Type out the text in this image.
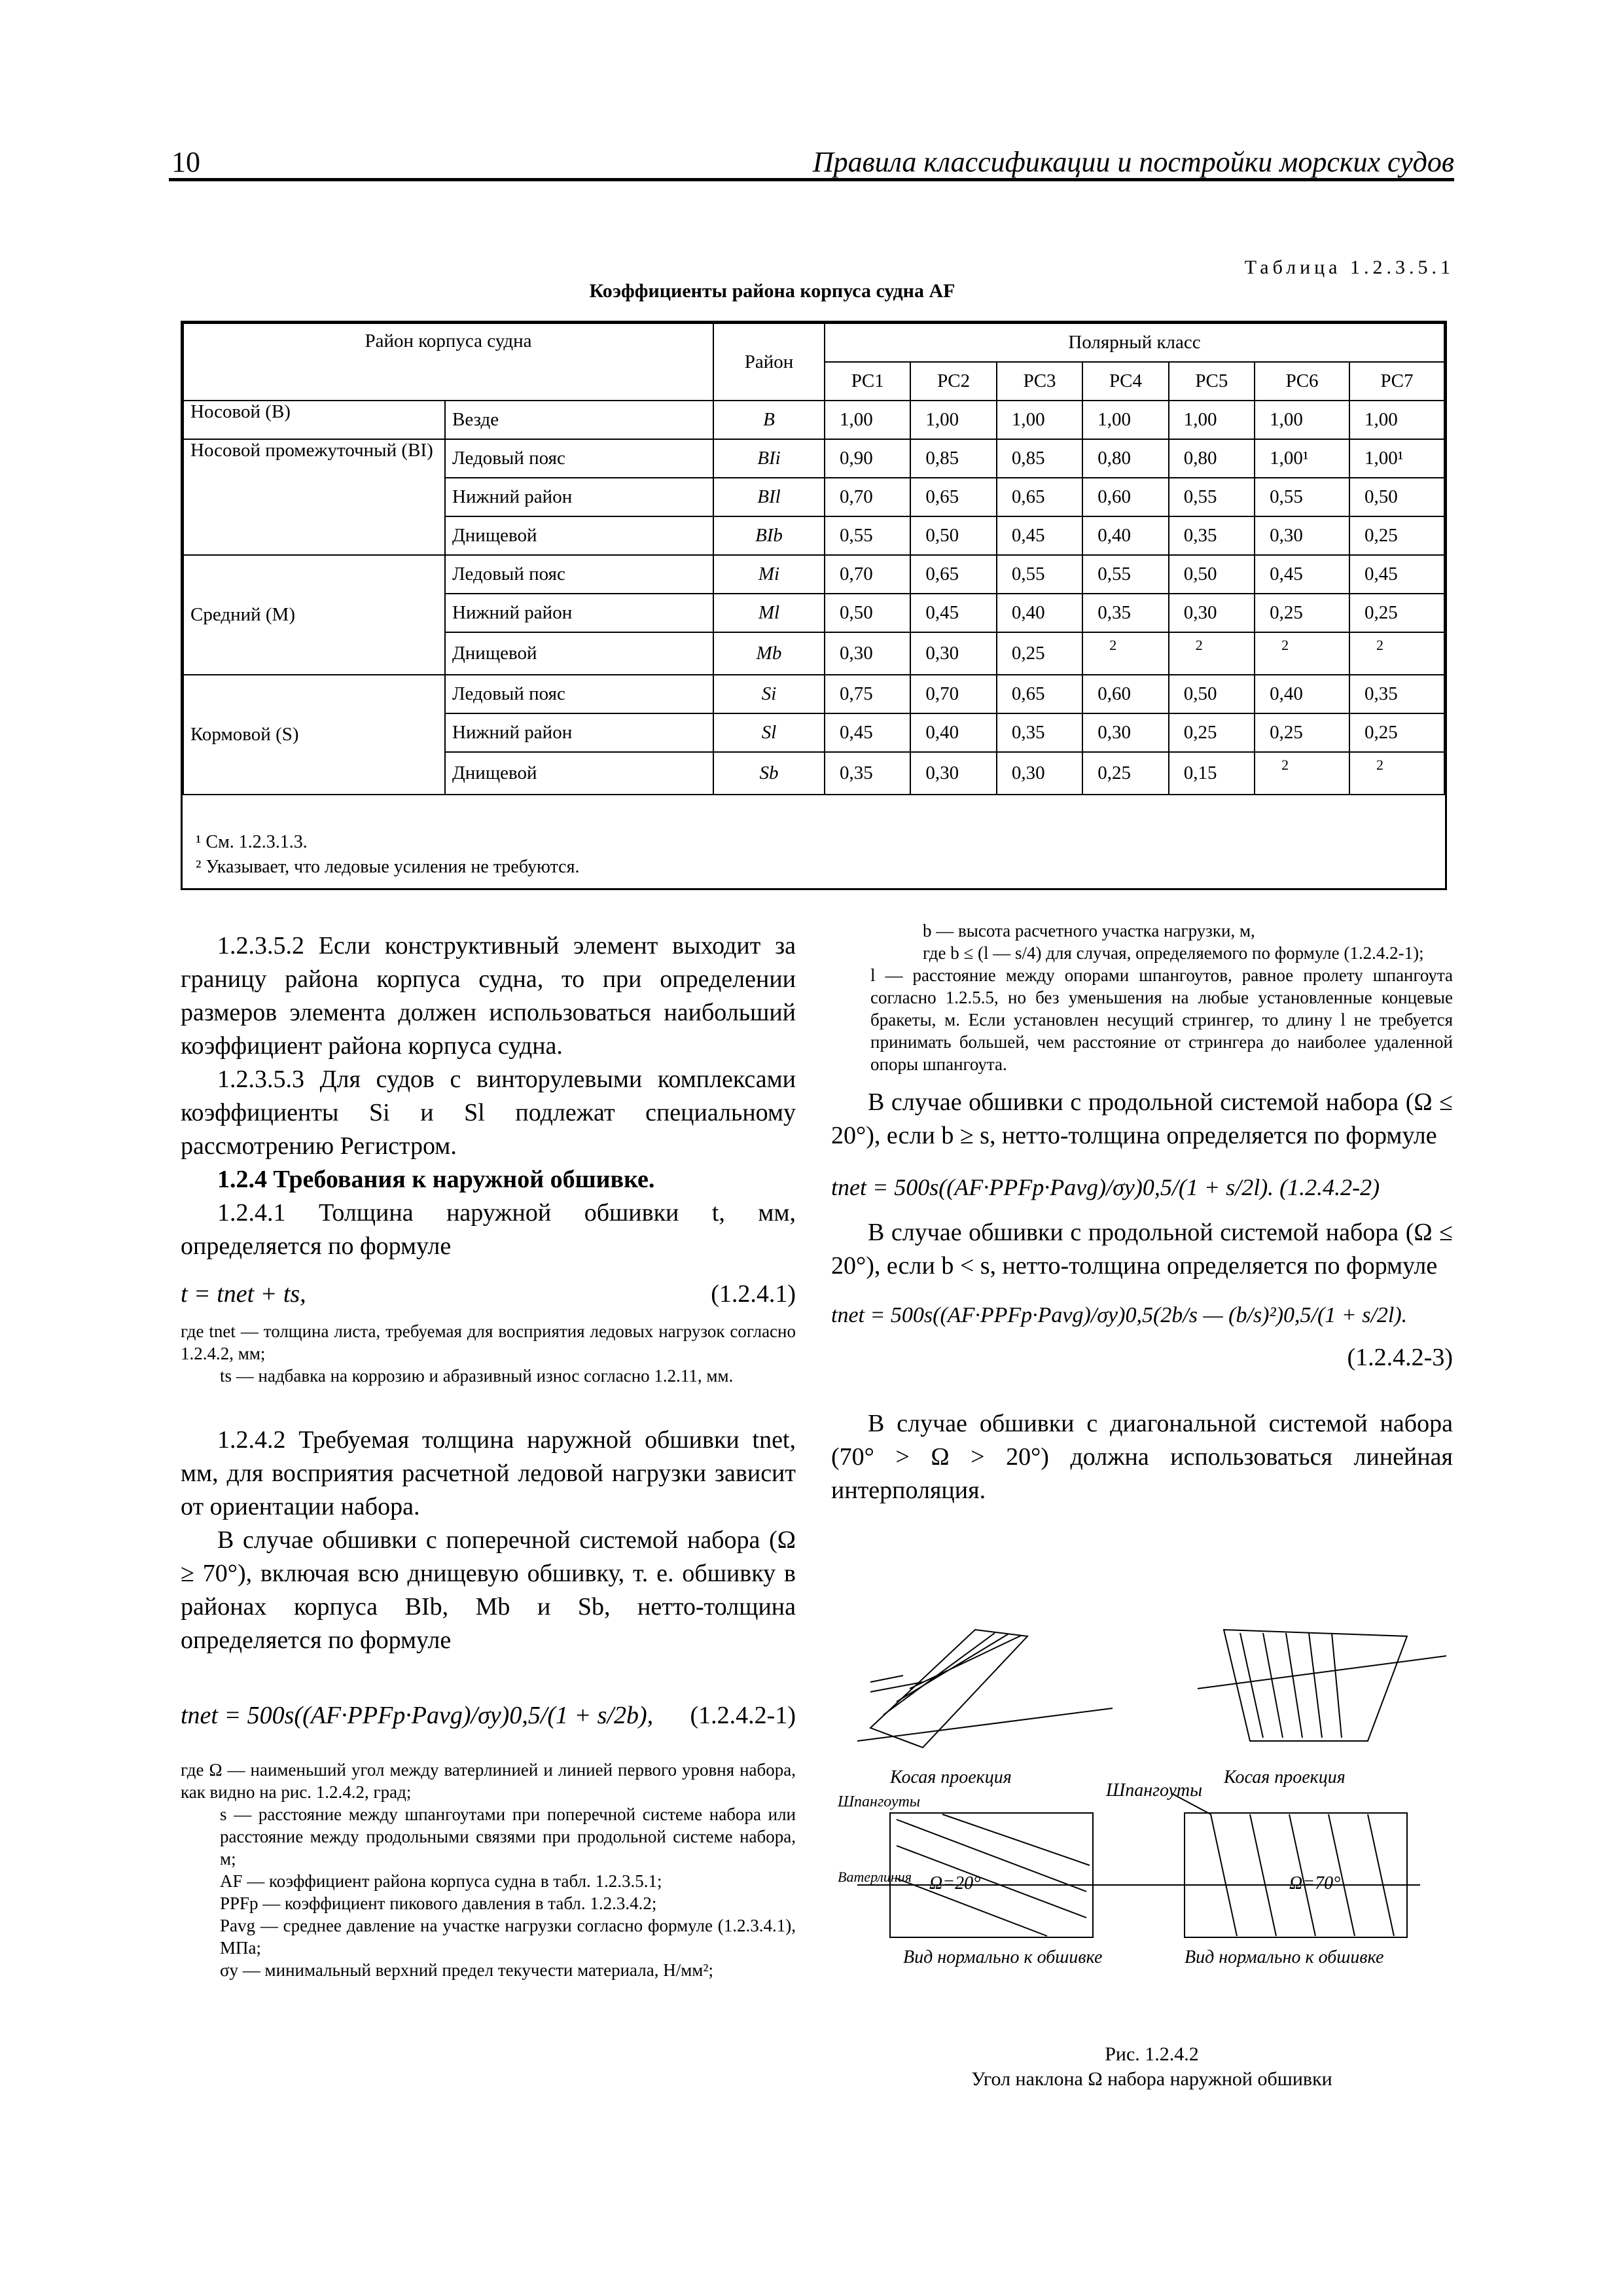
10	Правила классификации и постройки морских судов
Таблица 1.2.3.5.1
Коэффициенты района корпуса судна AF
Район корпуса судна		Район	Полярный класс						
			PC1	PC2	PC3	PC4	PC5	PC6	PC7
Носовой (B)	Везде	B	1,00	1,00	1,00	1,00	1,00	1,00	1,00
Носовой промежуточный (BI)	Ледовый пояс	BIi	0,90	0,85	0,85	0,80	0,80	1,00¹	1,00¹
	Нижний район	BIl	0,70	0,65	0,65	0,60	0,55	0,55	0,50
	Днищевой	BIb	0,55	0,50	0,45	0,40	0,35	0,30	0,25
Средний (M)	Ледовый пояс	Mi	0,70	0,65	0,55	0,55	0,50	0,45	0,45
	Нижний район	Ml	0,50	0,45	0,40	0,35	0,30	0,25	0,25
	Днищевой	Mb	0,30	0,30	0,25	2	2	2	2
Кормовой (S)	Ледовый пояс	Si	0,75	0,70	0,65	0,60	0,50	0,40	0,35
	Нижний район	Sl	0,45	0,40	0,35	0,30	0,25	0,25	0,25
	Днищевой	Sb	0,35	0,30	0,30	0,25	0,15	2	2
¹ См. 1.2.3.1.3.
² Указывает, что ледовые усиления не требуются.
1.2.3.5.2 Если конструктивный элемент выходит за границу района корпуса судна, то при определении размеров элемента должен использоваться наибольший коэффициент района корпуса судна.
1.2.3.5.3 Для судов с винторулевыми комплексами коэффициенты Si и Sl подлежат специальному рассмотрению Регистром.
1.2.4 Требования к наружной обшивке.
1.2.4.1 Толщина наружной обшивки t, мм, определяется по формуле
t = tnet + ts,	(1.2.4.1)
где tnet — толщина листа, требуемая для восприятия ледовых нагрузок согласно 1.2.4.2, мм;
ts — надбавка на коррозию и абразивный износ согласно 1.2.11, мм.
1.2.4.2 Требуемая толщина наружной обшивки tnet, мм, для восприятия расчетной ледовой нагрузки зависит от ориентации набора.
В случае обшивки с поперечной системой набора (Ω ≥ 70°), включая всю днищевую обшивку, т. е. обшивку в районах корпуса BIb, Mb и Sb, нетто-толщина определяется по формуле
tnet = 500s((AF·PPFp·Pavg)/σy)0,5/(1 + s/2b), (1.2.4.2-1)
где Ω — наименьший угол между ватерлинией и линией первого уровня набора, как видно на рис. 1.2.4.2, град;
s — расстояние между шпангоутами при поперечной системе набора или расстояние между продольными связями при продольной системе набора, м;
AF — коэффициент района корпуса судна в табл. 1.2.3.5.1;
PPFp — коэффициент пикового давления в табл. 1.2.3.4.2;
Pavg — среднее давление на участке нагрузки согласно формуле (1.2.3.4.1), МПа;
σy — минимальный верхний предел текучести материала, Н/мм²;
b — высота расчетного участка нагрузки, м,
где b ≤ (l — s/4) для случая, определяемого по формуле (1.2.4.2-1);
l — расстояние между опорами шпангоутов, равное пролету шпангоута согласно 1.2.5.5, но без уменьшения на любые установленные концевые бракеты, м. Если установлен несущий стрингер, то длину l не требуется принимать большей, чем расстояние от стрингера до наиболее удаленной опоры шпангоута.
В случае обшивки с продольной системой набора (Ω ≤ 20°), если b ≥ s, нетто-толщина определяется по формуле
tnet = 500s((AF·PPFp·Pavg)/σy)0,5/(1 + s/2l). (1.2.4.2-2)
В случае обшивки с продольной системой набора (Ω ≤ 20°), если b < s, нетто-толщина определяется по формуле
tnet = 500s((AF·PPFp·Pavg)/σy)0,5(2b/s — (b/s)²)0,5/(1 + s/2l).
(1.2.4.2-3)
В случае обшивки с диагональной системой набора (70° > Ω > 20°) должна использоваться линейная интерполяция.
Косая проекция	Косая проекция
Шпангоуты
Шпангоуты
Ватерлиния Ω=20°	Ω=70°
Вид нормально к обшивке	Вид нормально к обшивке
Рис. 1.2.4.2
Угол наклона Ω набора наружной обшивки
